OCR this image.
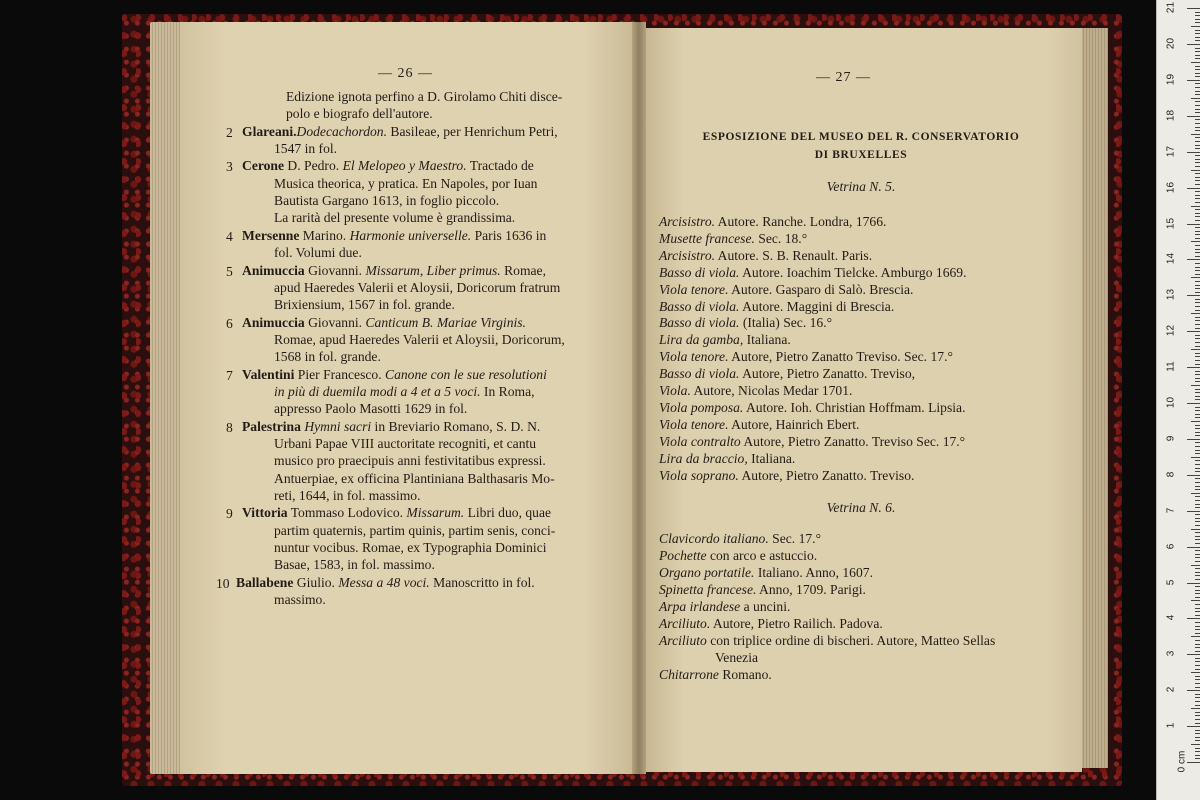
— 26 —
Edizione ignota perfino a D. Girolamo Chiti disce-
polo e biografo dell'autore.
2 Glareani.Dodecachordon. Basileae, per Henrichum Petri,
1547 in fol.
3 Cerone D. Pedro. El Melopeo y Maestro. Tractado de
Musica theorica, y pratica. En Napoles, por Iuan
Bautista Gargano 1613, in foglio piccolo.
La rarità del presente volume è grandissima.
4 Mersenne Marino. Harmonie universelle. Paris 1636 in
fol. Volumi due.
5 Animuccia Giovanni. Missarum, Liber primus. Romae,
apud Haeredes Valerii et Aloysii, Doricorum fratrum
Brixiensium, 1567 in fol. grande.
6 Animuccia Giovanni. Canticum B. Mariae Virginis.
Romae, apud Haeredes Valerii et Aloysii, Doricorum,
1568 in fol. grande.
7 Valentini Pier Francesco. Canone con le sue resolutioni
in più di duemila modi a 4 et a 5 voci. In Roma,
appresso Paolo Masotti 1629 in fol.
8 Palestrina Hymni sacri in Breviario Romano, S. D. N.
Urbani Papae VIII auctoritate recogniti, et cantu
musico pro praecipuis anni festivitatibus expressi.
Antuerpiae, ex officina Plantiniana Balthasaris Mo-
reti, 1644, in fol. massimo.
9 Vittoria Tommaso Lodovico. Missarum. Libri duo, quae
partim quaternis, partim quinis, partim senis, conci-
nuntur vocibus. Romae, ex Typographia Dominici
Basae, 1583, in fol. massimo.
10 Ballabene Giulio. Messa a 48 voci. Manoscritto in fol.
massimo.
— 27 —
ESPOSIZIONE DEL MUSEO DEL R. CONSERVATORIO
DI BRUXELLES
Vetrina N. 5.
Vetrina N. 6.
Arcisistro. Autore. Ranche. Londra, 1766.
Musette francese. Sec. 18.°
Arcisistro. Autore. S. B. Renault. Paris.
Basso di viola. Autore. Ioachim Tielcke. Amburgo 1669.
Viola tenore. Autore. Gasparo di Salò. Brescia.
Basso di viola. Autore. Maggini di Brescia.
Basso di viola. (Italia) Sec. 16.°
Lira da gamba, Italiana.
Viola tenore. Autore, Pietro Zanatto Treviso. Sec. 17.°
Basso di viola. Autore, Pietro Zanatto. Treviso,
Viola. Autore, Nicolas Medar 1701.
Viola pomposa. Autore. Ioh. Christian Hoffmam. Lipsia.
Viola tenore. Autore, Hainrich Ebert.
Viola contralto Autore, Pietro Zanatto. Treviso Sec. 17.°
Lira da braccio, Italiana.
Viola soprano. Autore, Pietro Zanatto. Treviso.
Clavicordo italiano. Sec. 17.°
Pochette con arco e astuccio.
Organo portatile. Italiano. Anno, 1607.
Spinetta francese. Anno, 1709. Parigi.
Arpa irlandese a uncini.
Arciliuto. Autore, Pietro Railich. Padova.
Arciliuto con triplice ordine di bischeri. Autore, Matteo Sellas
Venezia
Chitarrone Romano.
0 cm
1
2
3
4
5
6
7
8
9
10
11
12
13
14
15
16
17
18
19
20
21
